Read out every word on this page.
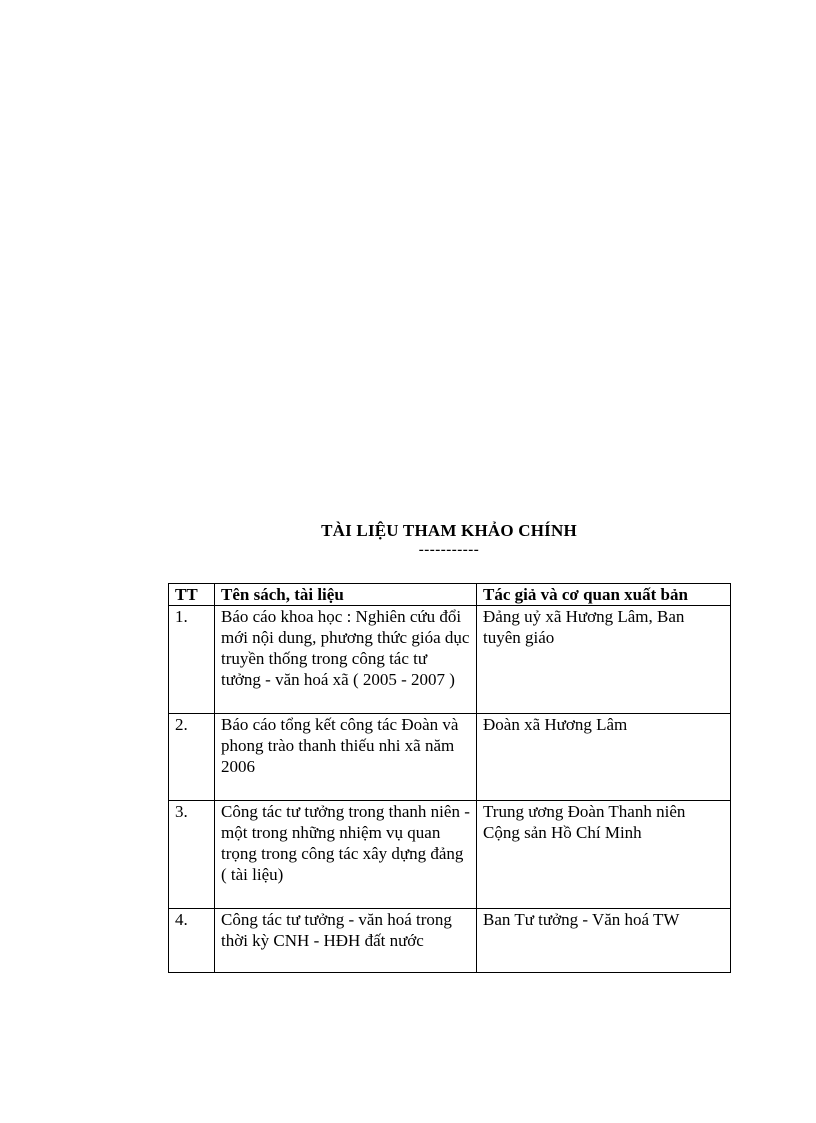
TÀI LIỆU THAM KHẢO CHÍNH
-----------
TT	Tên sách, tài liệu	Tác giả và cơ quan xuất bản
1.	Báo cáo khoa học : Nghiên cứu đổi mới nội dung, phương thức gióa dục truyền thống trong công tác tư tưởng - văn hoá xã ( 2005 - 2007 )	Đảng uỷ xã Hương Lâm, Ban tuyên giáo
2.	Báo cáo tổng kết công tác Đoàn và phong trào thanh thiếu nhi xã năm 2006	Đoàn xã Hương Lâm
3.	Công tác tư tưởng trong thanh niên - một trong những nhiệm vụ quan trọng trong công tác xây dựng đảng ( tài liệu)	Trung ương Đoàn Thanh niên Cộng sản Hồ Chí Minh
4.	Công tác tư tưởng - văn hoá trong thời kỳ CNH - HĐH đất nước	Ban Tư tưởng - Văn hoá TW
